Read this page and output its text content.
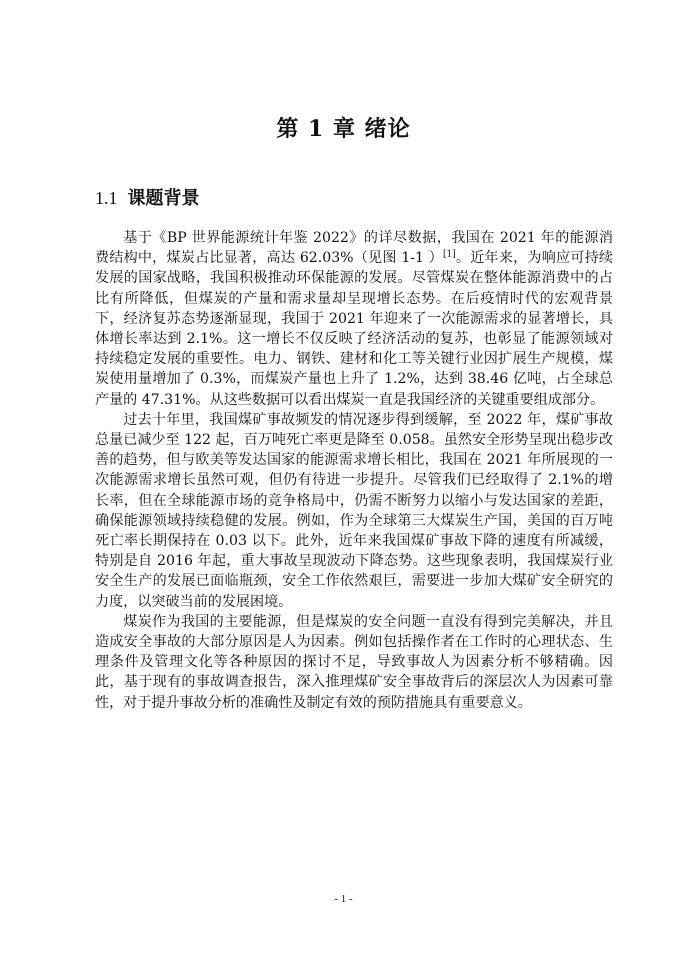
第 1 章 绪论
1.1 课题背景

基于《BP 世界能源统计年鉴 2022》的详尽数据，我国在 2021 年的能源消费结构中，煤炭占比显著，高达 62.03%（见图 1-1 ）[1]。近年来，为响应可持续发展的国家战略，我国积极推动环保能源的发展。尽管煤炭在整体能源消费中的占比有所降低，但煤炭的产量和需求量却呈现增长态势。在后疫情时代的宏观背景下，经济复苏态势逐渐显现，我国于 2021 年迎来了一次能源需求的显著增长，具体增长率达到 2.1%。这一增长不仅反映了经济活动的复苏，也彰显了能源领域对持续稳定发展的重要性。电力、钢铁、建材和化工等关键行业因扩展生产规模，煤炭使用量增加了 0.3%，而煤炭产量也上升了 1.2%，达到 38.46 亿吨，占全球总产量的 47.31%。从这些数据可以看出煤炭一直是我国经济的关键重要组成部分。

过去十年里，我国煤矿事故频发的情况逐步得到缓解，至 2022 年，煤矿事故总量已减少至 122 起，百万吨死亡率更是降至 0.058。虽然安全形势呈现出稳步改善的趋势，但与欧美等发达国家的能源需求增长相比，我国在 2021 年所展现的一次能源需求增长虽然可观，但仍有待进一步提升。尽管我们已经取得了 2.1%的增长率，但在全球能源市场的竞争格局中，仍需不断努力以缩小与发达国家的差距，确保能源领域持续稳健的发展。例如，作为全球第三大煤炭生产国，美国的百万吨死亡率长期保持在 0.03 以下。此外，近年来我国煤矿事故下降的速度有所减缓，特别是自 2016 年起，重大事故呈现波动下降态势。这些现象表明，我国煤炭行业安全生产的发展已面临瓶颈，安全工作依然艰巨，需要进一步加大煤矿安全研究的力度，以突破当前的发展困境。

煤炭作为我国的主要能源，但是煤炭的安全问题一直没有得到完美解决，并且造成安全事故的大部分原因是人为因素。例如包括操作者在工作时的心理状态、生理条件及管理文化等各种原因的探讨不足，导致事故人为因素分析不够精确。因此，基于现有的事故调查报告，深入推理煤矿安全事故背后的深层次人为因素可靠性，对于提升事故分析的准确性及制定有效的预防措施具有重要意义。

- 1 -
